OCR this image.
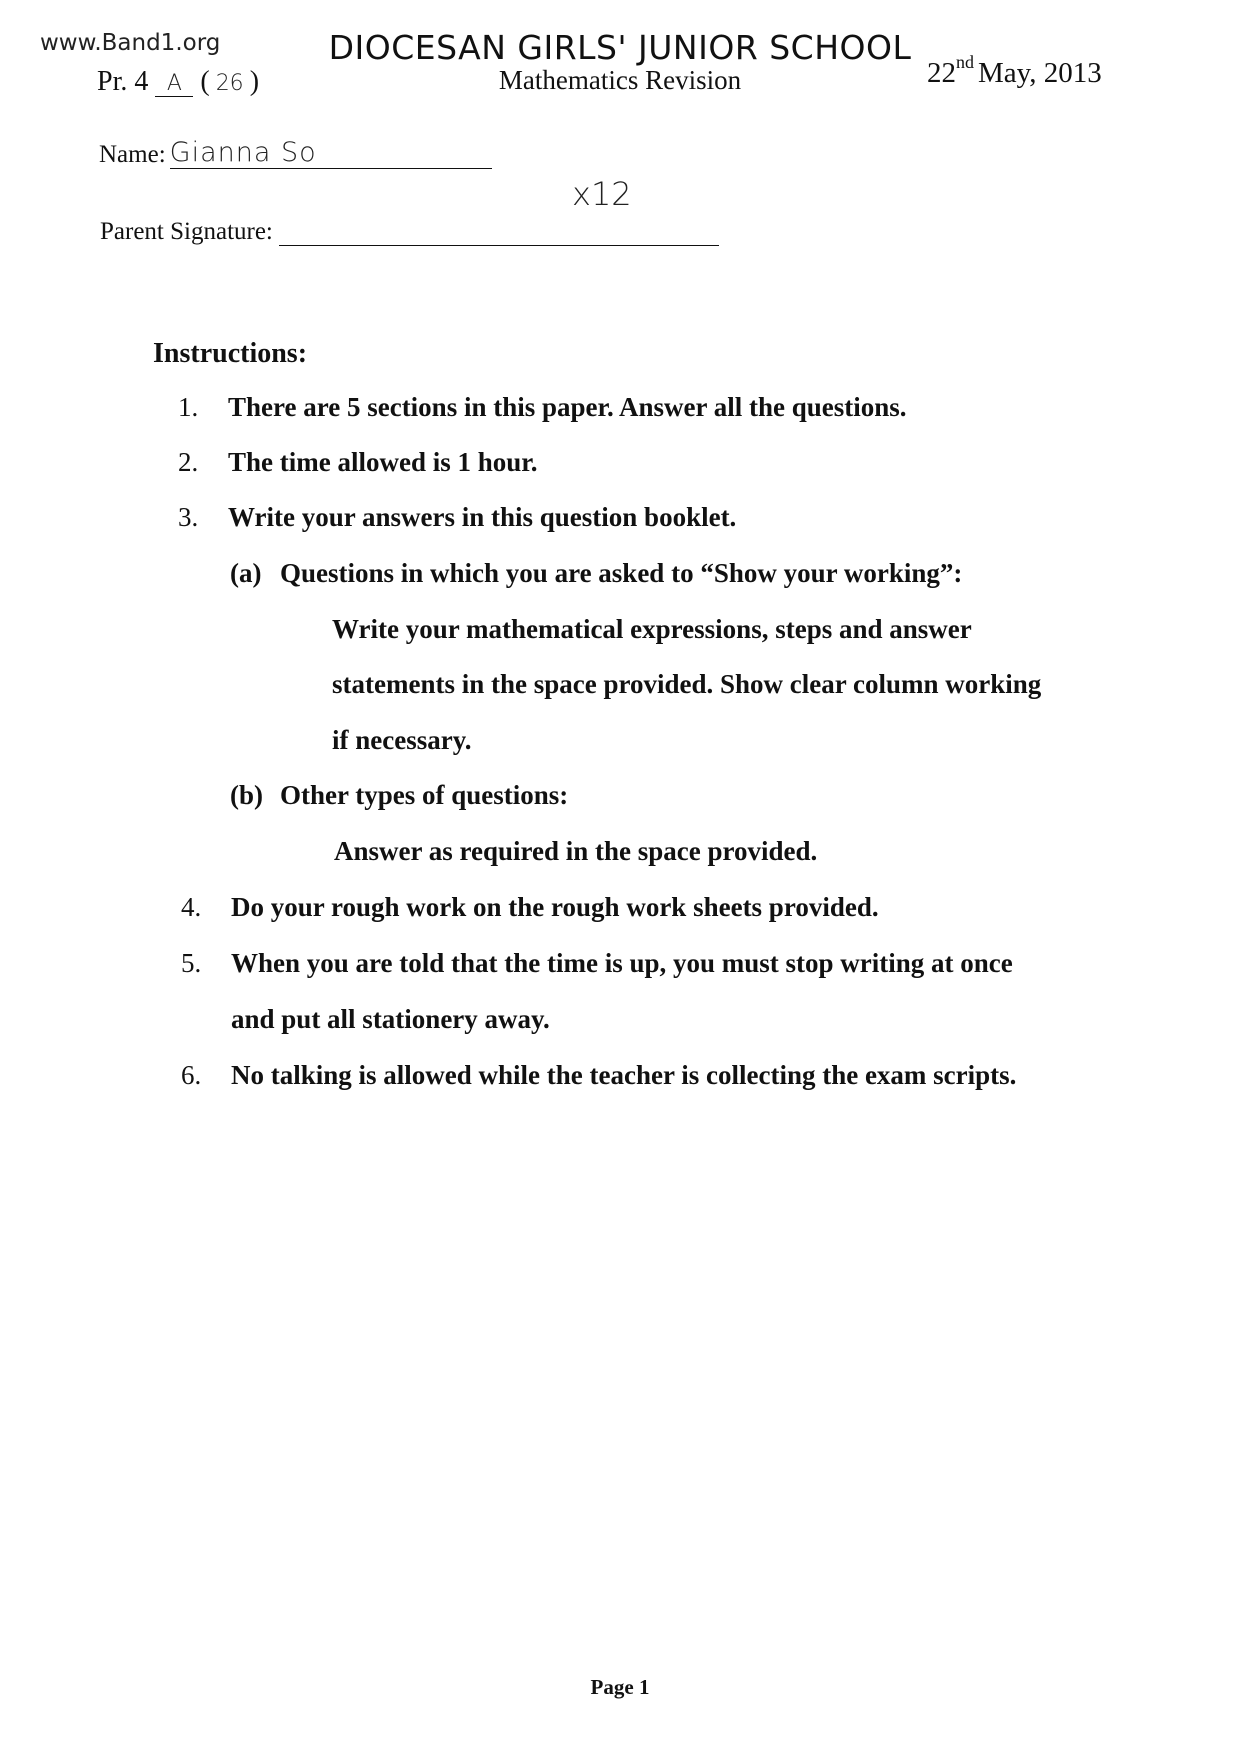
www.Band1.org	DIOCESAN GIRLS' JUNIOR SCHOOL
Mathematics Revision
Pr. 4 A ( 26 )	22nd May, 2013
Name: Gianna So
x12
Parent Signature:
Instructions:
1. There are 5 sections in this paper. Answer all the questions.
2. The time allowed is 1 hour.
3. Write your answers in this question booklet.
(a) Questions in which you are asked to “Show your working”:
Write your mathematical expressions, steps and answer
statements in the space provided. Show clear column working
if necessary.
(b) Other types of questions:
Answer as required in the space provided.
4. Do your rough work on the rough work sheets provided.
5. When you are told that the time is up, you must stop writing at once
and put all stationery away.
6. No talking is allowed while the teacher is collecting the exam scripts.
Page 1
